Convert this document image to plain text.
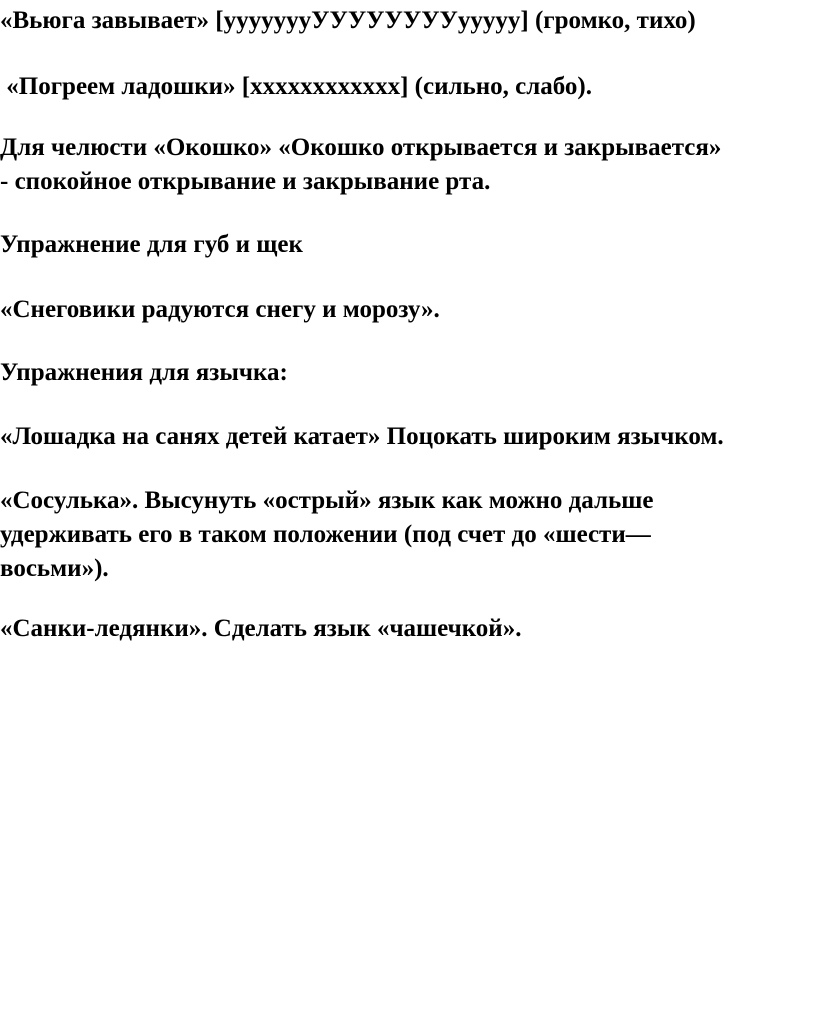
«Вьюга завывает» [уууууууУУУУУУУУууууу] (громко, тихо)

«Погреем ладошки» [хххххххххххх] (сильно, слабо).

Для челюсти «Окошко» «Окошко открывается и закрывается»
- спокойное открывание и закрывание рта.

Упражнение для губ и щек

«Снеговики радуются снегу и морозу».

Упражнения для язычка:

«Лошадка на санях детей катает» Поцокать широким язычком.

«Сосулька». Высунуть «острый» язык как можно дальше
удерживать его в таком положении (под счет до «шести—
восьми»).

«Санки-ледянки». Сделать язык «чашечкой».
